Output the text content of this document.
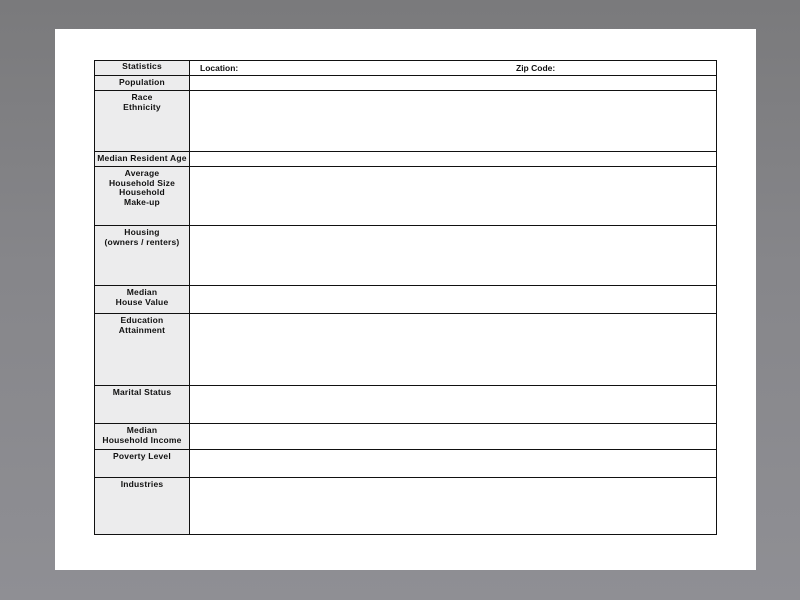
Statistics	Location: Zip Code:

Population	

Race
Ethnicity	

Median Resident Age	

Average
Household Size
Household
Make-up	

Housing
(owners / renters)	

Median
House Value	

Education
Attainment	

Marital Status	

Median
Household Income	

Poverty Level	

Industries	
